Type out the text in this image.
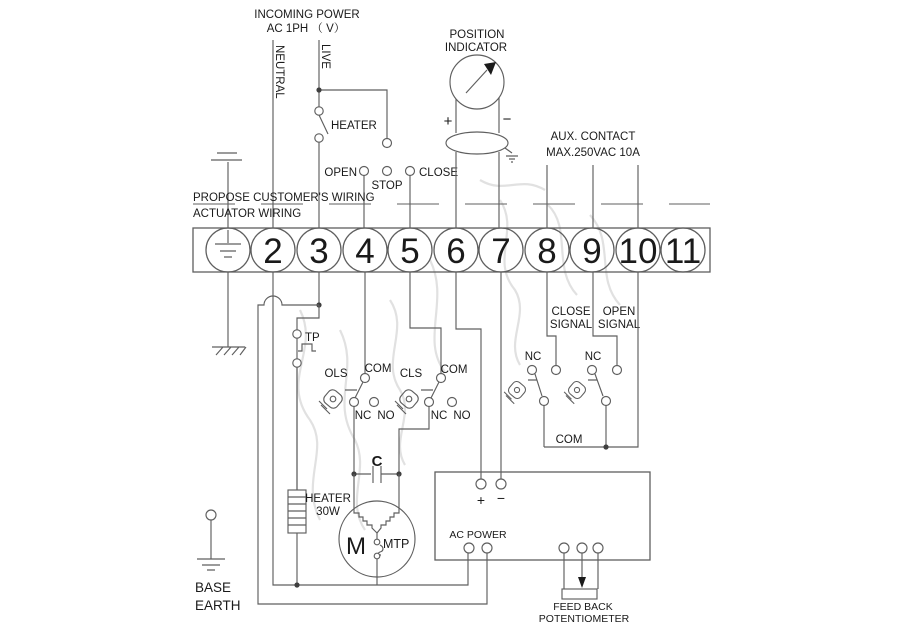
INCOMING POWER
AC 1PH （ V）
NEUTRAL	LIVE
HEATER
STOP
OPEN	CLOSE
POSITION
INDICATOR
+	−
AUX. CONTACT
MAX.250VAC 10A
PROPOSE CUSTOMER'S WIRING
ACTUATOR WIRING
2 3 4 5 6 7 8 9 10 11
TP
OLS COM
NC NO
CLS COM
NC NO
C
HEATER
30W
M MTP
CLOSE
SIGNAL
NC
OPEN
SIGNAL
NC
COM
+ −
AC POWER
FEED BACK
POTENTIOMETER
BASE
EARTH
